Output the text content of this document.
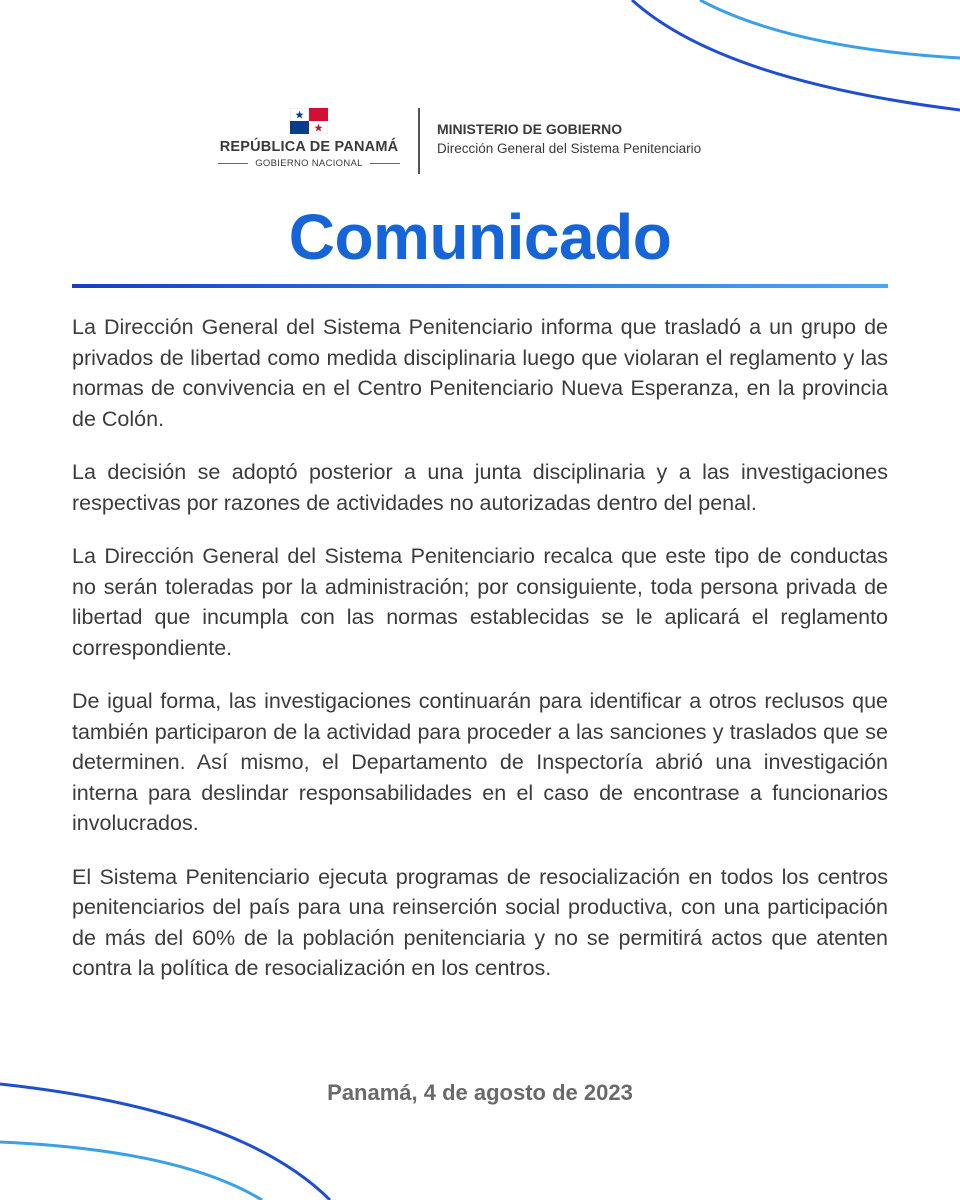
REPÚBLICA DE PANAMÁ
GOBIERNO NACIONAL
MINISTERIO DE GOBIERNO
Dirección General del Sistema Penitenciario
Comunicado

La Dirección General del Sistema Penitenciario informa que trasladó a un grupo de privados de libertad como medida disciplinaria luego que violaran el reglamento y las normas de convivencia en el Centro Penitenciario Nueva Esperanza, en la provincia de Colón.

La decisión se adoptó posterior a una junta disciplinaria y a las investigaciones respectivas por razones de actividades no autorizadas dentro del penal.

La Dirección General del Sistema Penitenciario recalca que este tipo de conductas no serán toleradas por la administración; por consiguiente, toda persona privada de libertad que incumpla con las normas establecidas se le aplicará el reglamento correspondiente.

De igual forma, las investigaciones continuarán para identificar a otros reclusos que también participaron de la actividad para proceder a las sanciones y traslados que se determinen. Así mismo, el Departamento de Inspectoría abrió una investigación interna para deslindar responsabilidades en el caso de encontrase a funcionarios involucrados.

El Sistema Penitenciario ejecuta programas de resocialización en todos los centros penitenciarios del país para una reinserción social productiva, con una participación de más del 60% de la población penitenciaria y no se permitirá actos que atenten contra la política de resocialización en los centros.

Panamá, 4 de agosto de 2023
